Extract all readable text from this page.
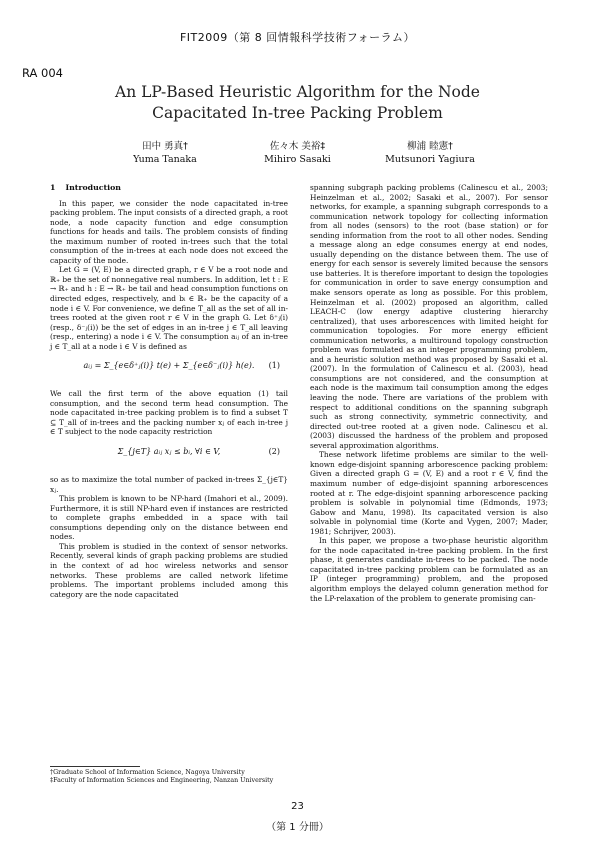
FIT2009（第 8 回情報科学技術フォーラム）
RA 004
An LP-Based Heuristic Algorithm for the Node
Capacitated In-tree Packing Problem
田中 勇真†
Yuma Tanaka
佐々木 美裕‡
Mihiro Sasaki
柳浦 睦憲†
Mutsunori Yagiura
1 Introduction

In this paper, we consider the node capacitated in-tree packing problem. The input consists of a directed graph, a root node, a node capacity function and edge consumption functions for heads and tails. The problem consists of finding the maximum number of rooted in-trees such that the total consumption of the in-trees at each node does not exceed the capacity of the node.

Let G = (V, E) be a directed graph, r ∈ V be a root node and ℝ₊ be the set of nonnegative real numbers. In addition, let t : E → ℝ₊ and h : E → ℝ₊ be tail and head consumption functions on directed edges, respectively, and bᵢ ∈ ℝ₊ be the capacity of a node i ∈ V. For convenience, we define T_all as the set of all in-trees rooted at the given root r ∈ V in the graph G. Let δ⁺ⱼ(i) (resp., δ⁻ⱼ(i)) be the set of edges in an in-tree j ∈ T_all leaving (resp., entering) a node i ∈ V. The consumption aᵢⱼ of an in-tree j ∈ T_all at a node i ∈ V is defined as

aᵢⱼ = Σ_{e∈δ⁺ⱼ(i)} t(e) + Σ_{e∈δ⁻ⱼ(i)} h(e).	(1)

We call the first term of the above equation (1) tail consumption, and the second term head consumption. The node capacitated in-tree packing problem is to find a subset T ⊆ T_all of in-trees and the packing number xⱼ of each in-tree j ∈ T subject to the node capacity restriction

Σ_{j∈T} aᵢⱼ xⱼ ≤ bᵢ, ∀i ∈ V,	(2)

so as to maximize the total number of packed in-trees Σ_{j∈T} xⱼ.

This problem is known to be NP-hard (Imahori et al., 2009). Furthermore, it is still NP-hard even if instances are restricted to complete graphs embedded in a space with tail consumptions depending only on the distance between end nodes.

This problem is studied in the context of sensor networks. Recently, several kinds of graph packing problems are studied in the context of ad hoc wireless networks and sensor networks. These problems are called network lifetime problems. The important problems included among this category are the node capacitated

†Graduate School of Information Science, Nagoya University
‡Faculty of Information Sciences and Engineering, Nanzan University

spanning subgraph packing problems (Calinescu et al., 2003; Heinzelman et al., 2002; Sasaki et al., 2007). For sensor networks, for example, a spanning subgraph corresponds to a communication network topology for collecting information from all nodes (sensors) to the root (base station) or for sending information from the root to all other nodes. Sending a message along an edge consumes energy at end nodes, usually depending on the distance between them. The use of energy for each sensor is severely limited because the sensors use batteries. It is therefore important to design the topologies for communication in order to save energy consumption and make sensors operate as long as possible. For this problem, Heinzelman et al. (2002) proposed an algorithm, called LEACH-C (low energy adaptive clustering hierarchy centralized), that uses arborescences with limited height for communication topologies. For more energy efficient communication networks, a multiround topology construction problem was formulated as an integer programming problem, and a heuristic solution method was proposed by Sasaki et al. (2007). In the formulation of Calinescu et al. (2003), head consumptions are not considered, and the consumption at each node is the maximum tail consumption among the edges leaving the node. There are variations of the problem with respect to additional conditions on the spanning subgraph such as strong connectivity, symmetric connectivity, and directed out-tree rooted at a given node. Calinescu et al. (2003) discussed the hardness of the problem and proposed several approximation algorithms.

These network lifetime problems are similar to the well-known edge-disjoint spanning arborescence packing problem: Given a directed graph G = (V, E) and a root r ∈ V, find the maximum number of edge-disjoint spanning arborescences rooted at r. The edge-disjoint spanning arborescence packing problem is solvable in polynomial time (Edmonds, 1973; Gabow and Manu, 1998). Its capacitated version is also solvable in polynomial time (Korte and Vygen, 2007; Mader, 1981; Schrijver, 2003).

In this paper, we propose a two-phase heuristic algorithm for the node capacitated in-tree packing problem. In the first phase, it generates candidate in-trees to be packed. The node capacitated in-tree packing problem can be formulated as an IP (integer programming) problem, and the proposed algorithm employs the delayed column generation method for the LP-relaxation of the problem to generate promising can-

23
（第 1 分冊）
